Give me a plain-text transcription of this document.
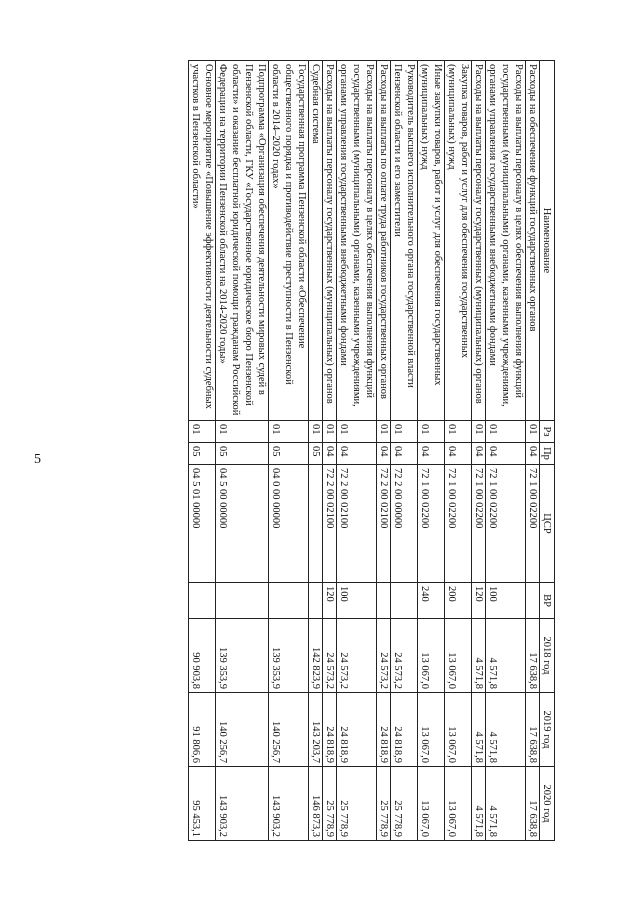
5
Наименование	Рз	Пр	ЦСР	ВР	2018 год	2019 год	2020 год
Расходы на обеспечение функций государственных органов	01	04	72 1 00 02200		17 638,8	17 638,8	17 638,8
Расходы на выплаты персоналу в целях обеспечения выполнения функций государственными (муниципальными) органами, казенными учреждениями, органами управления государственными внебюджетными фондами	01	04	72 1 00 02200	100	4 571,8	4 571,8	4 571,8
Расходы на выплаты персоналу государственных (муниципальных) органов	01	04	72 1 00 02200	120	4 571,8	4 571,8	4 571,8
Закупка товаров, работ и услуг для обеспечения государственных (муниципальных) нужд	01	04	72 1 00 02200	200	13 067,0	13 067,0	13 067,0
Иные закупки товаров, работ и услуг для обеспечения государственных (муниципальных) нужд	01	04	72 1 00 02200	240	13 067,0	13 067,0	13 067,0
Руководитель высшего исполнительного органа государственной власти Пензенской области и его заместители	01	04	72 2 00 00000		24 573,2	24 818,9	25 778,9
Расходы на выплаты по оплате труда работников государственных органов	01	04	72 2 00 02100		24 573,2	24 818,9	25 778,9
Расходы на выплаты персоналу в целях обеспечения выполнения функций государственными (муниципальными) органами, казенными учреждениями, органами управления государственными внебюджетными фондами	01	04	72 2 00 02100	100	24 573,2	24 818,9	25 778,9
Расходы на выплаты персоналу государственных (муниципальных) органов	01	04	72 2 00 02100	120	24 573,2	24 818,9	25 778,9
Судебная система	01	05			142 823,9	143 203,7	146 873,3
Государственная программа Пензенской области «Обеспечение общественного порядка и противодействие преступности в Пензенской области в 2014–2020 годах»	01	05	04 0 00 00000		139 353,9	140 256,7	143 903,2
Подпрограмма «Организация обеспечения деятельности мировых судей в Пензенской области, ГКУ «Государственное юридическое бюро Пензенской области» и оказание бесплатной юридической помощи гражданам Российской Федерации на территории Пензенской области на 2014-2020 годы»	01	05	04 5 00 00000		139 353,9	140 256,7	143 903,2
Основное мероприятие «Повышение эффективности деятельности судебных участков в Пензенской области»	01	05	04 5 01 00000		90 903,8	91 806,6	95 453,1
